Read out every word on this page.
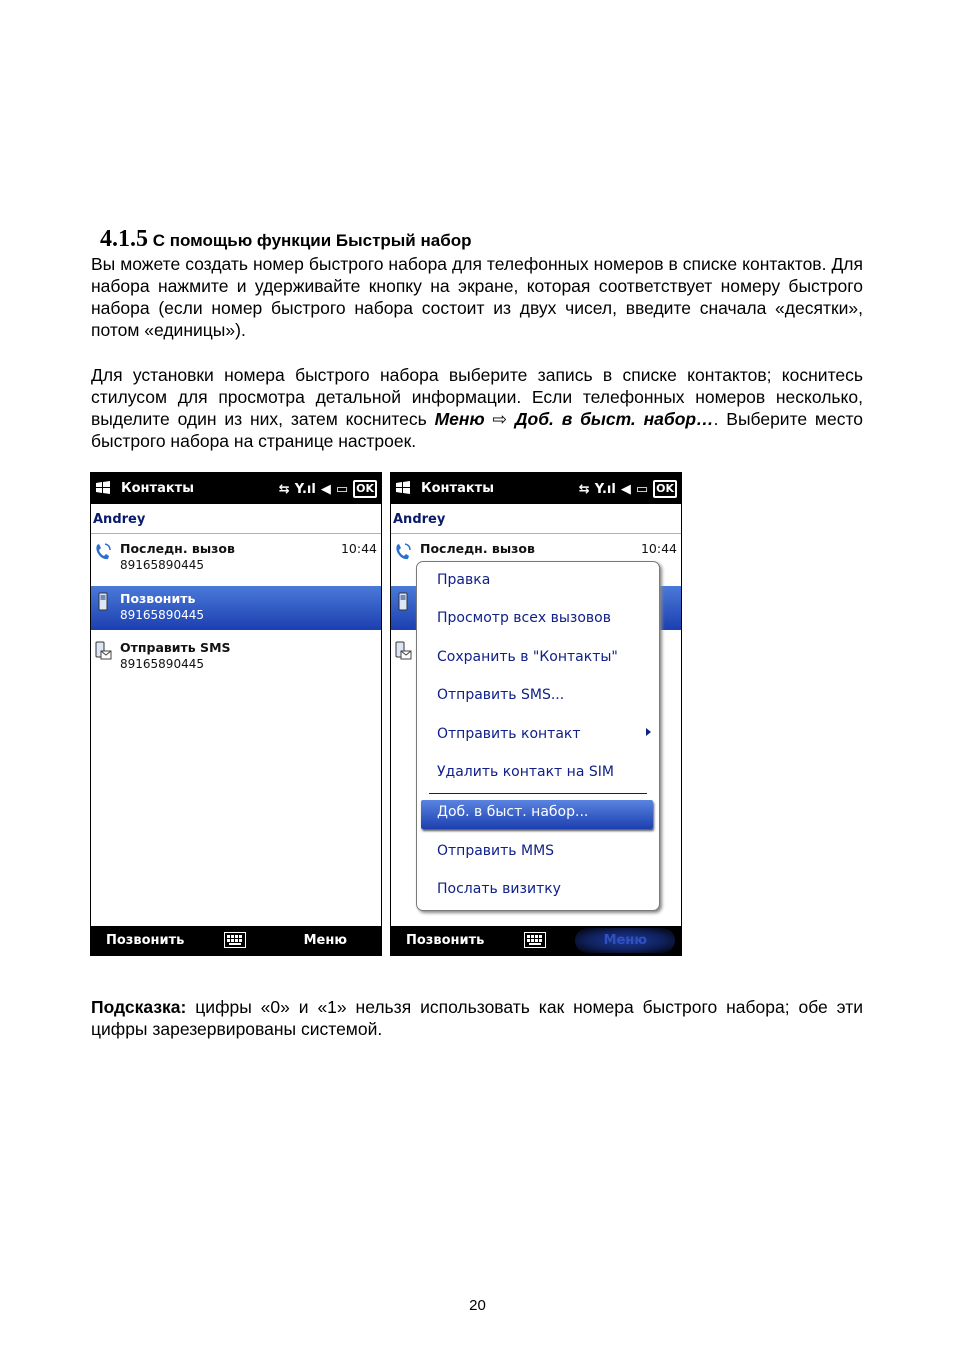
4.1.5 С помощью функции Быстрый набор
Вы можете создать номер быстрого набора для телефонных номеров в списке контактов. Для набора нажмите и удерживайте кнопку на экране, которая соответствует номеру быстрого набора (если номер быстрого набора состоит из двух чисел, введите сначала «десятки», потом «единицы»).
Для установки номера быстрого набора выберите запись в списке контактов; коснитесь стилусом для просмотра детальной информации. Если телефонных номеров несколько, выделите один из них, затем коснитесь Меню ⇨ Доб. в быст. набор…. Выберите место быстрого набора на странице настроек.
Контакты	⇆ Y.ıl ◀ ▭ OK
Andrey
Последн. вызов	10:44
89165890445
Позвонить
89165890445
Отправить SMS
89165890445
Позвонить	Меню
Контакты	⇆ Y.ıl ◀ ▭ OK
Andrey
Последн. вызов	10:44
Правка
Просмотр всех вызовов
Сохранить в "Контакты"
Отправить SMS...
Отправить контакт
Удалить контакт на SIM
Доб. в быст. набор...
Отправить MMS
Послать визитку
Позвонить	Меню
Подсказка: цифры «0» и «1» нельзя использовать как номера быстрого набора; обе эти цифры зарезервированы системой.
20
